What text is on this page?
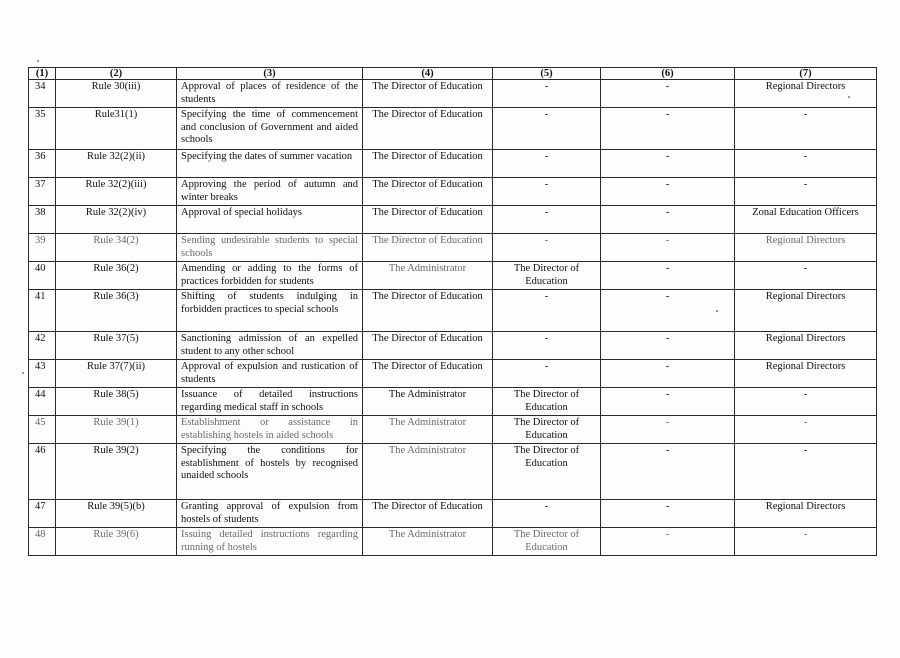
(1)	(2)	(3)	(4)	(5)	(6)	(7)
34	Rule 30(iii)	Approval of places of residence of the students	The Director of Education	-	-	Regional Directors
35	Rule31(1)	Specifying the time of commencement and conclusion of Government and aided schools	The Director of Education	-	-	-
36	Rule 32(2)(ii)	Specifying the dates of summer vacation	The Director of Education	-	-	-
37	Rule 32(2)(iii)	Approving the period of autumn and winter breaks	The Director of Education	-	-	-
38	Rule 32(2)(iv)	Approval of special holidays	The Director of Education	-	-	Zonal Education Officers
39	Rule 34(2)	Sending undesirable students to special schools	The Director of Education	-	-	Regional Directors
40	Rule 36(2)	Amending or adding to the forms of practices forbidden for students	The Administrator	The Director of Education	-	-
41	Rule 36(3)	Shifting of students indulging in forbidden practices to special schools	The Director of Education	-	-	Regional Directors
42	Rule 37(5)	Sanctioning admission of an expelled student to any other school	The Director of Education	-	-	Regional Directors
43	Rule 37(7)(ii)	Approval of expulsion and rustication of students	The Director of Education	-	-	Regional Directors
44	Rule 38(5)	Issuance of detailed instructions regarding medical staff in schools	The Administrator	The Director of Education	-	-
45	Rule 39(1)	Establishment or assistance in establishing hostels in aided schools	The Administrator	The Director of Education	-	-
46	Rule 39(2)	Specifying the conditions for establishment of hostels by recognised unaided schools	The Administrator	The Director of Education	-	-
47	Rule 39(5)(b)	Granting approval of expulsion from hostels of students	The Director of Education	-	-	Regional Directors
48	Rule 39(6)	Issuing detailed instructions regarding running of hostels	The Administrator	The Director of Education	-	-
